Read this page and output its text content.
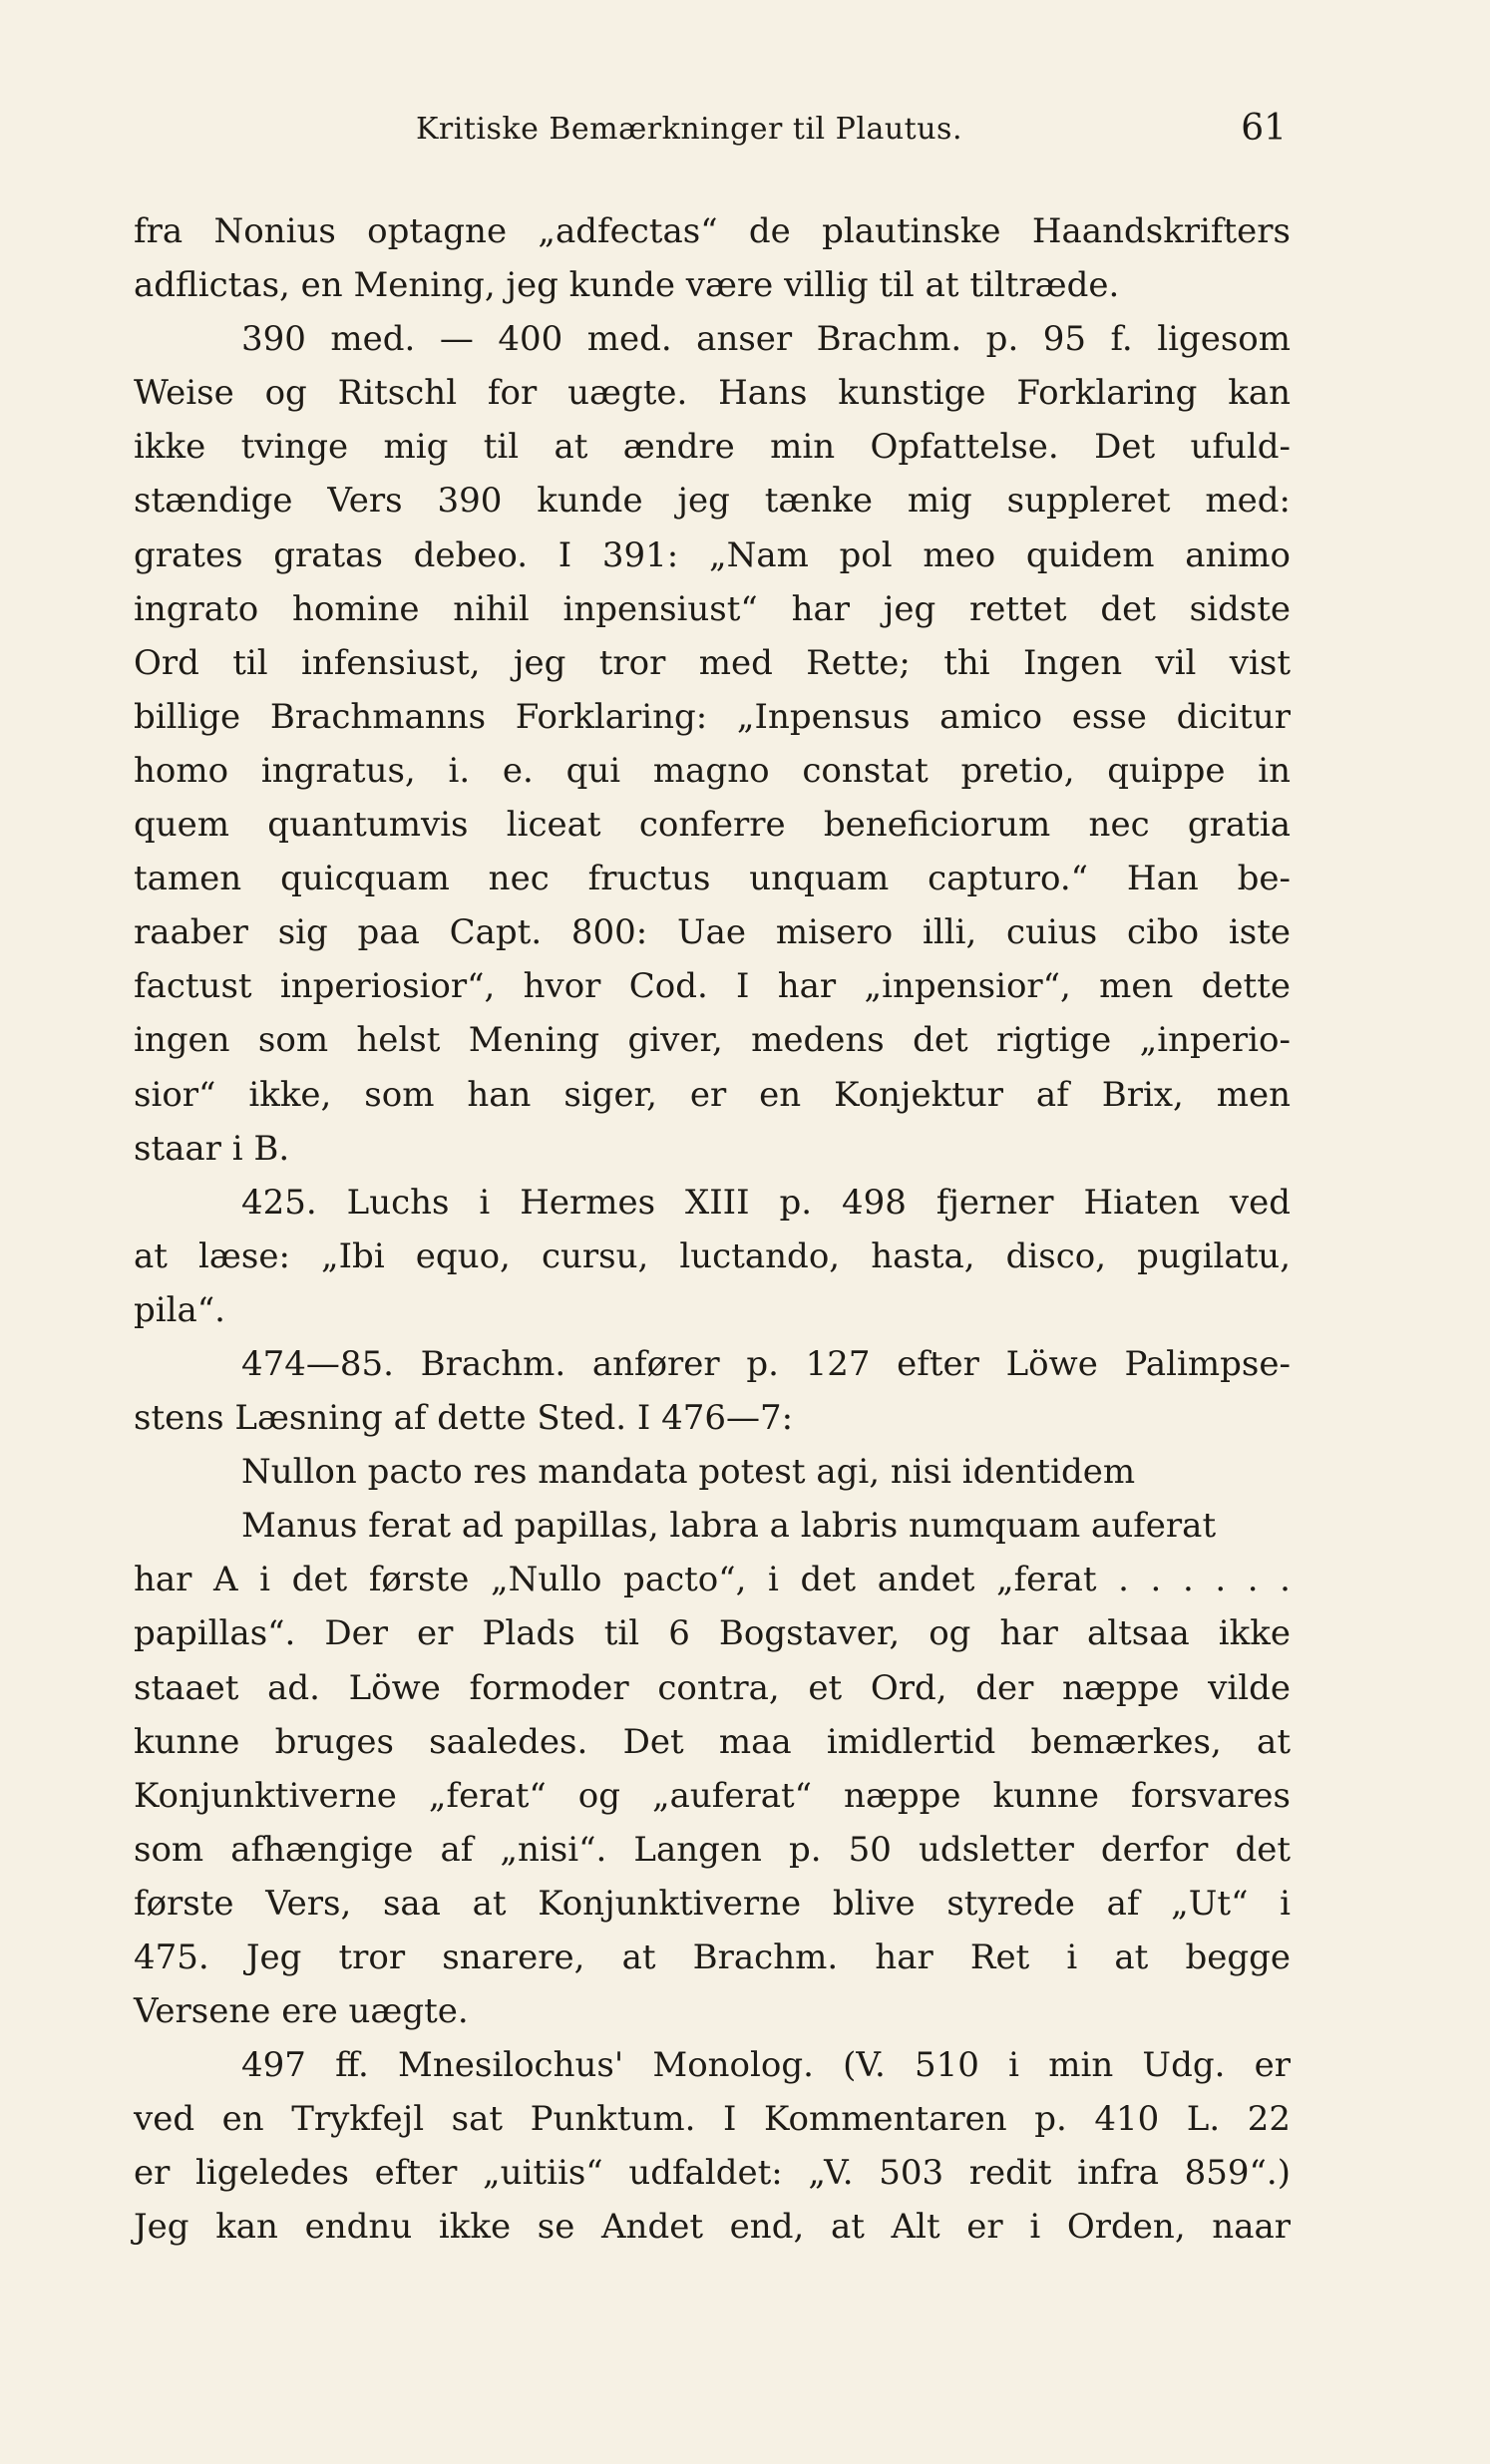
Kritiske Bemærkninger til Plautus.	61
fra Nonius optagne „adfectas“ de plautinske Haandskrifters
adflictas, en Mening, jeg kunde være villig til at tiltræde.
390 med. — 400 med. anser Brachm. p. 95 f. ligesom
Weise og Ritschl for uægte. Hans kunstige Forklaring kan
ikke tvinge mig til at ændre min Opfattelse. Det ufuld-
stændige Vers 390 kunde jeg tænke mig suppleret med:
grates gratas debeo. I 391: „Nam pol meo quidem animo
ingrato homine nihil inpensiust“ har jeg rettet det sidste
Ord til infensiust, jeg tror med Rette; thi Ingen vil vist
billige Brachmanns Forklaring: „Inpensus amico esse dicitur
homo ingratus, i. e. qui magno constat pretio, quippe in
quem quantumvis liceat conferre beneficiorum nec gratia
tamen quicquam nec fructus unquam capturo.“ Han be-
raaber sig paa Capt. 800: Uae misero illi, cuius cibo iste
factust inperiosior“, hvor Cod. I har „inpensior“, men dette
ingen som helst Mening giver, medens det rigtige „inperio-
sior“ ikke, som han siger, er en Konjektur af Brix, men
staar i B.
425. Luchs i Hermes XIII p. 498 fjerner Hiaten ved
at læse: „Ibi equo, cursu, luctando, hasta, disco, pugilatu,
pila“.
474—85. Brachm. anfører p. 127 efter Löwe Palimpse-
stens Læsning af dette Sted. I 476—7:
Nullon pacto res mandata potest agi, nisi identidem
Manus ferat ad papillas, labra a labris numquam auferat
har A i det første „Nullo pacto“, i det andet „ferat . . . . . .
papillas“. Der er Plads til 6 Bogstaver, og har altsaa ikke
staaet ad. Löwe formoder contra, et Ord, der næppe vilde
kunne bruges saaledes. Det maa imidlertid bemærkes, at
Konjunktiverne „ferat“ og „auferat“ næppe kunne forsvares
som afhængige af „nisi“. Langen p. 50 udsletter derfor det
første Vers, saa at Konjunktiverne blive styrede af „Ut“ i
475. Jeg tror snarere, at Brachm. har Ret i at begge
Versene ere uægte.
497 ff. Mnesilochus' Monolog. (V. 510 i min Udg. er
ved en Trykfejl sat Punktum. I Kommentaren p. 410 L. 22
er ligeledes efter „uitiis“ udfaldet: „V. 503 redit infra 859“.)
Jeg kan endnu ikke se Andet end, at Alt er i Orden, naar
